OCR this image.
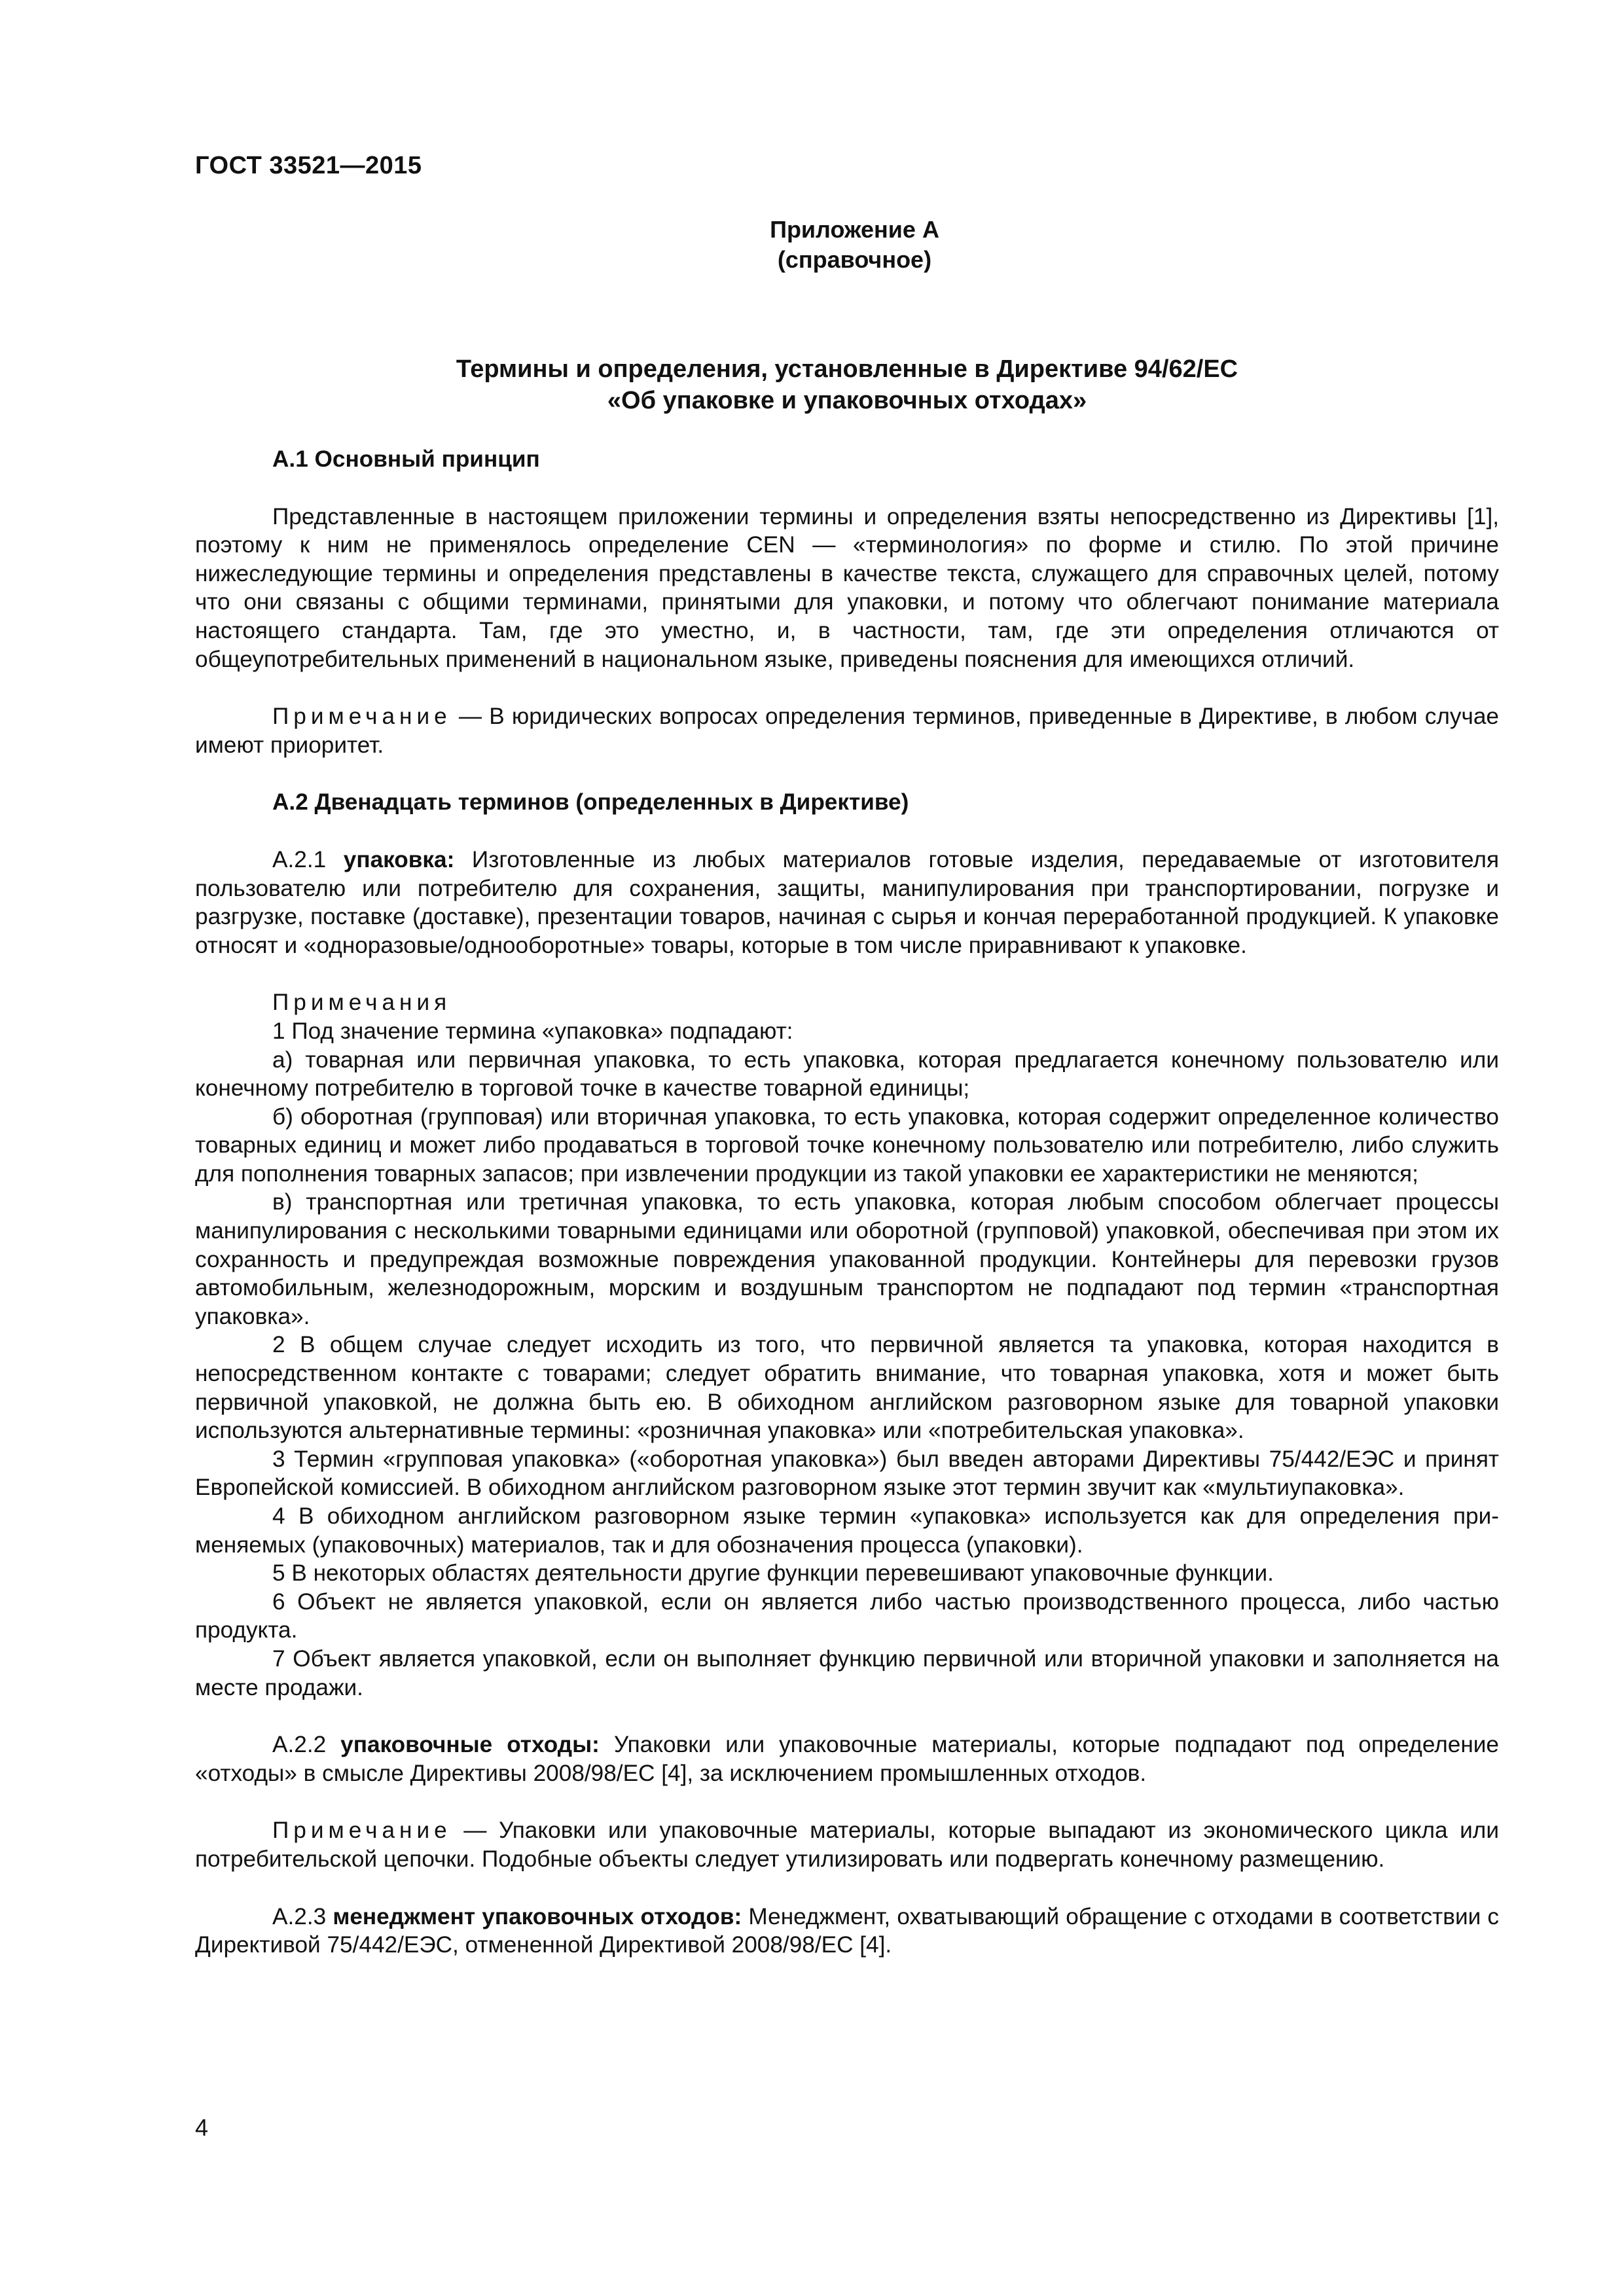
ГОСТ 33521—2015
Приложение А
(справочное)
Термины и определения, установленные в Директиве 94/62/ЕС
«Об упаковке и упаковочных отходах»

А.1 Основный принцип

Представленные в настоящем приложении термины и определения взяты непосредственно из Директивы [1], поэтому к ним не применялось определение CEN — «терминология» по форме и стилю. По этой причине нижеследующие термины и определения представлены в качестве текста, служащего для справочных целей, потому что они связаны с общими терминами, принятыми для упаковки, и потому что облегчают понимание материала настоящего стандарта. Там, где это уместно, и, в частности, там, где эти определения отличаются от общеупотребительных применений в национальном языке, приведены пояснения для имеющихся отличий.

Примечание — В юридических вопросах определения терминов, приведенные в Директиве, в любом случае имеют приоритет.

А.2 Двенадцать терминов (определенных в Директиве)

А.2.1 упаковка: Изготовленные из любых материалов готовые изделия, передаваемые от изготовителя пользователю или потребителю для сохранения, защиты, манипулирования при транспортировании, погрузке и разгрузке, поставке (доставке), презентации товаров, начиная с сырья и кончая переработанной продукцией. К упаковке относят и «одноразовые/однооборотные» товары, которые в том числе приравнивают к упаковке.

Примечания

1 Под значение термина «упаковка» подпадают:

а) товарная или первичная упаковка, то есть упаковка, которая предлагается конечному пользователю или конечному потребителю в торговой точке в качестве товарной единицы;

б) оборотная (групповая) или вторичная упаковка, то есть упаковка, которая содержит определенное количество товарных единиц и может либо продаваться в торговой точке конечному пользователю или потребителю, либо служить для пополнения товарных запасов; при извлечении продукции из такой упаковки ее характеристики не меняются;

в) транспортная или третичная упаковка, то есть упаковка, которая любым способом облегчает процессы манипулирования с несколькими товарными единицами или оборотной (групповой) упаковкой, обеспечивая при этом их сохранность и предупреждая возможные повреждения упакованной продукции. Контейнеры для перевозки грузов автомобильным, железнодорожным, морским и воздушным транспортом не подпадают под термин «транспортная упаковка».

2 В общем случае следует исходить из того, что первичной является та упаковка, которая находится в непосредственном контакте с товарами; следует обратить внимание, что товарная упаковка, хотя и может быть первичной упаковкой, не должна быть ею. В обиходном английском разговорном языке для товарной упаковки используются альтернативные термины: «розничная упаковка» или «потребительская упаковка».

3 Термин «групповая упаковка» («оборотная упаковка») был введен авторами Директивы 75/442/ЕЭС и принят Европейской комиссией. В обиходном английском разговорном языке этот термин звучит как «мультиупаковка».

4 В обиходном английском разговорном языке термин «упаковка» используется как для определения применяемых (упаковочных) материалов, так и для обозначения процесса (упаковки).

5 В некоторых областях деятельности другие функции перевешивают упаковочные функции.

6 Объект не является упаковкой, если он является либо частью производственного процесса, либо частью продукта.

7 Объект является упаковкой, если он выполняет функцию первичной или вторичной упаковки и заполняется на месте продажи.

А.2.2 упаковочные отходы: Упаковки или упаковочные материалы, которые подпадают под определение «отходы» в смысле Директивы 2008/98/ЕС [4], за исключением промышленных отходов.

Примечание — Упаковки или упаковочные материалы, которые выпадают из экономического цикла или потребительской цепочки. Подобные объекты следует утилизировать или подвергать конечному размещению.

А.2.3 менеджмент упаковочных отходов: Менеджмент, охватывающий обращение с отходами в соответствии с Директивой 75/442/ЕЭС, отмененной Директивой 2008/98/ЕС [4].

4
